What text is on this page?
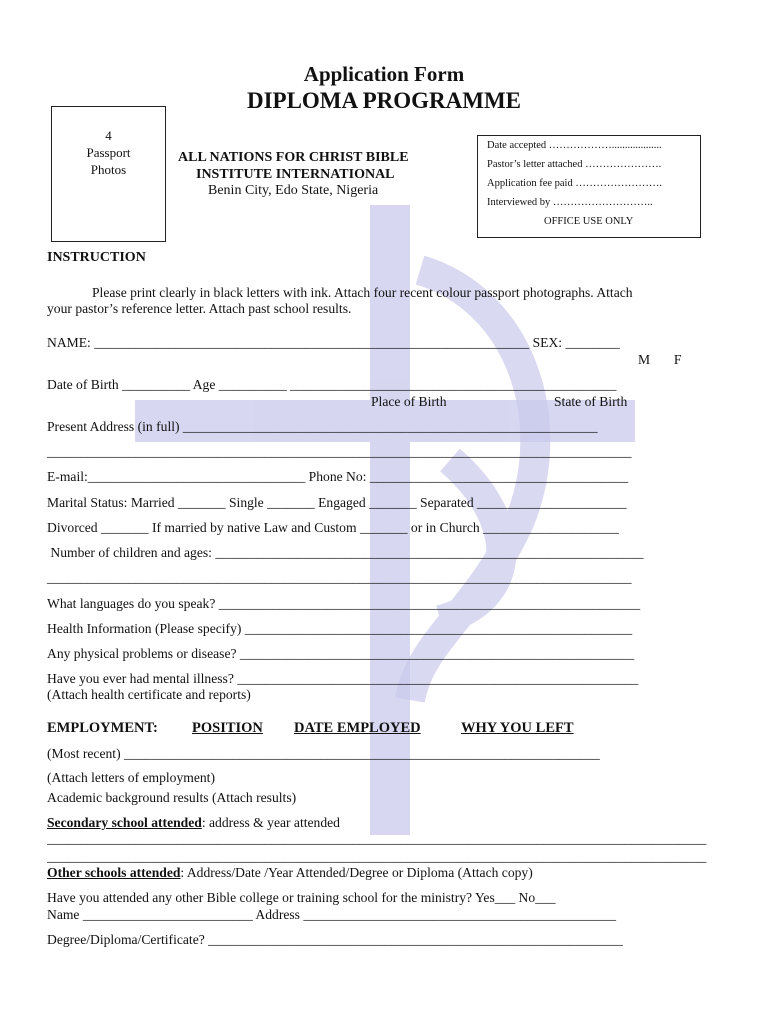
Application Form
DIPLOMA PROGRAMME
4
Passport
Photos
ALL NATIONS FOR CHRIST BIBLE
INSTITUTE INTERNATIONAL
Benin City, Edo State, Nigeria
Date accepted ………………...................
Pastor’s letter attached ………………….
Application fee paid …………………….
Interviewed by ………………………..
OFFICE USE ONLY
INSTRUCTION
Please print clearly in black letters with ink. Attach four recent colour passport photographs. Attach
your pastor’s reference letter. Attach past school results.
NAME: ________________________________________________________________ SEX: ________
M       F
Date of Birth __________ Age __________ ________________________________________________
Place of Birth	State of Birth
Present Address (in full) _____________________________________________________________
______________________________________________________________________________________
E-mail:________________________________ Phone No: ______________________________________
Marital Status: Married _______ Single _______ Engaged _______ Separated ______________________
Divorced _______ If married by native Law and Custom _______ or in Church ____________________
Number of children and ages: _______________________________________________________________
______________________________________________________________________________________
What languages do you speak? ______________________________________________________________
Health Information (Please specify) _________________________________________________________
Any physical problems or disease? __________________________________________________________
Have you ever had mental illness? ___________________________________________________________
(Attach health certificate and reports)
EMPLOYMENT: POSITION DATE EMPLOYED	WHY YOU LEFT
(Most recent) ______________________________________________________________________
(Attach letters of employment)
Academic background results (Attach results)
Secondary school attended: address & year attended
_________________________________________________________________________________________________
_________________________________________________________________________________________________
Other schools attended: Address/Date /Year Attended/Degree or Diploma (Attach copy)
Have you attended any other Bible college or training school for the ministry? Yes___ No___
Name _________________________ Address ______________________________________________
Degree/Diploma/Certificate? _____________________________________________________________
